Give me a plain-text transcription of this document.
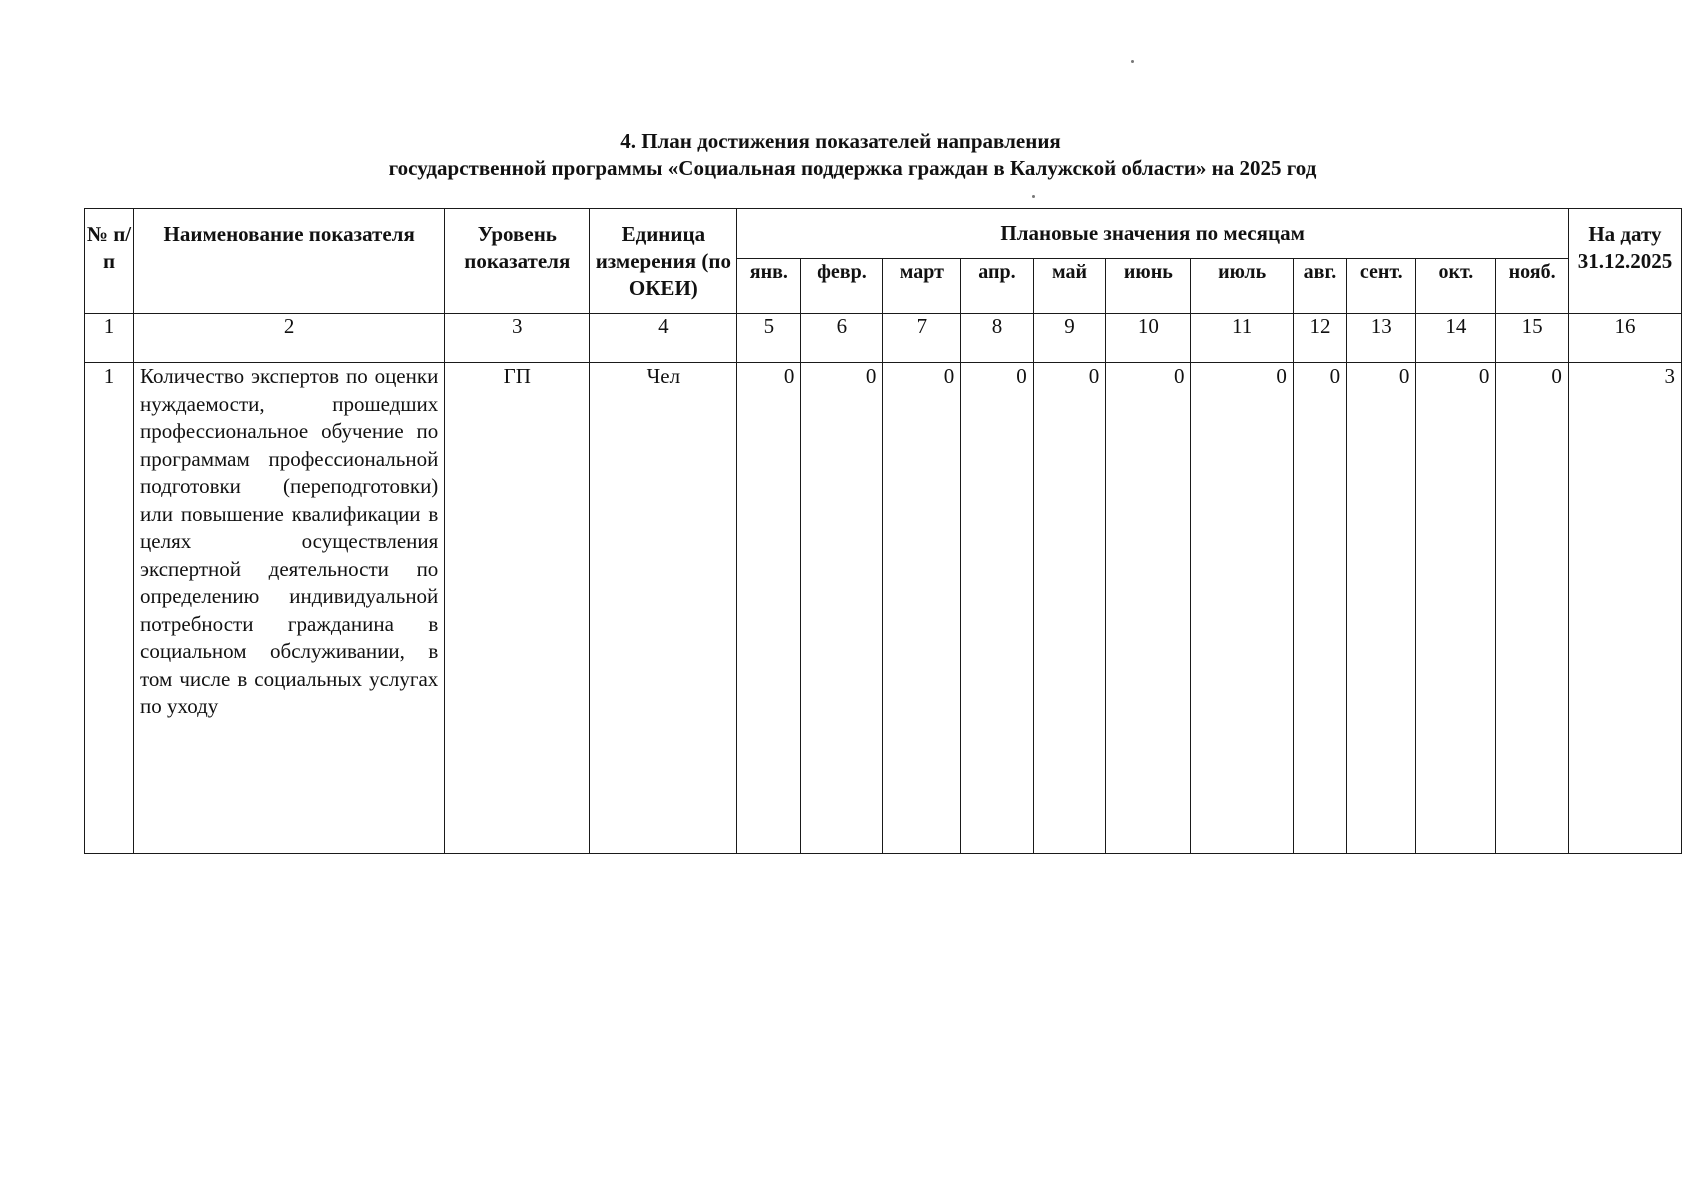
4. План достижения показателей направления
государственной программы «Социальная поддержка граждан в Калужской области» на 2025 год
№ п/п	Наименование показателя	Уровень показателя	Единица измерения (по ОКЕИ)	Плановые значения по месяцам											На дату 31.12.2025
				янв.	февр.	март	апр.	май	июнь	июль	авг.	сент.	окт.	нояб.	
1	2	3	4	5	6	7	8	9	10	11	12	13	14	15	16
1	Количество экспертов по оценки нуждаемости, прошедших профессиональное обучение по программам профессиональной подготовки (переподготовки) или повышение квалификации в целях осуществления экспертной деятельности по определению индивидуальной потребности гражданина в социальном обслуживании, в том числе в социальных услугах по уходу	ГП	Чел	0	0	0	0	0	0	0	0	0	0	0	3
